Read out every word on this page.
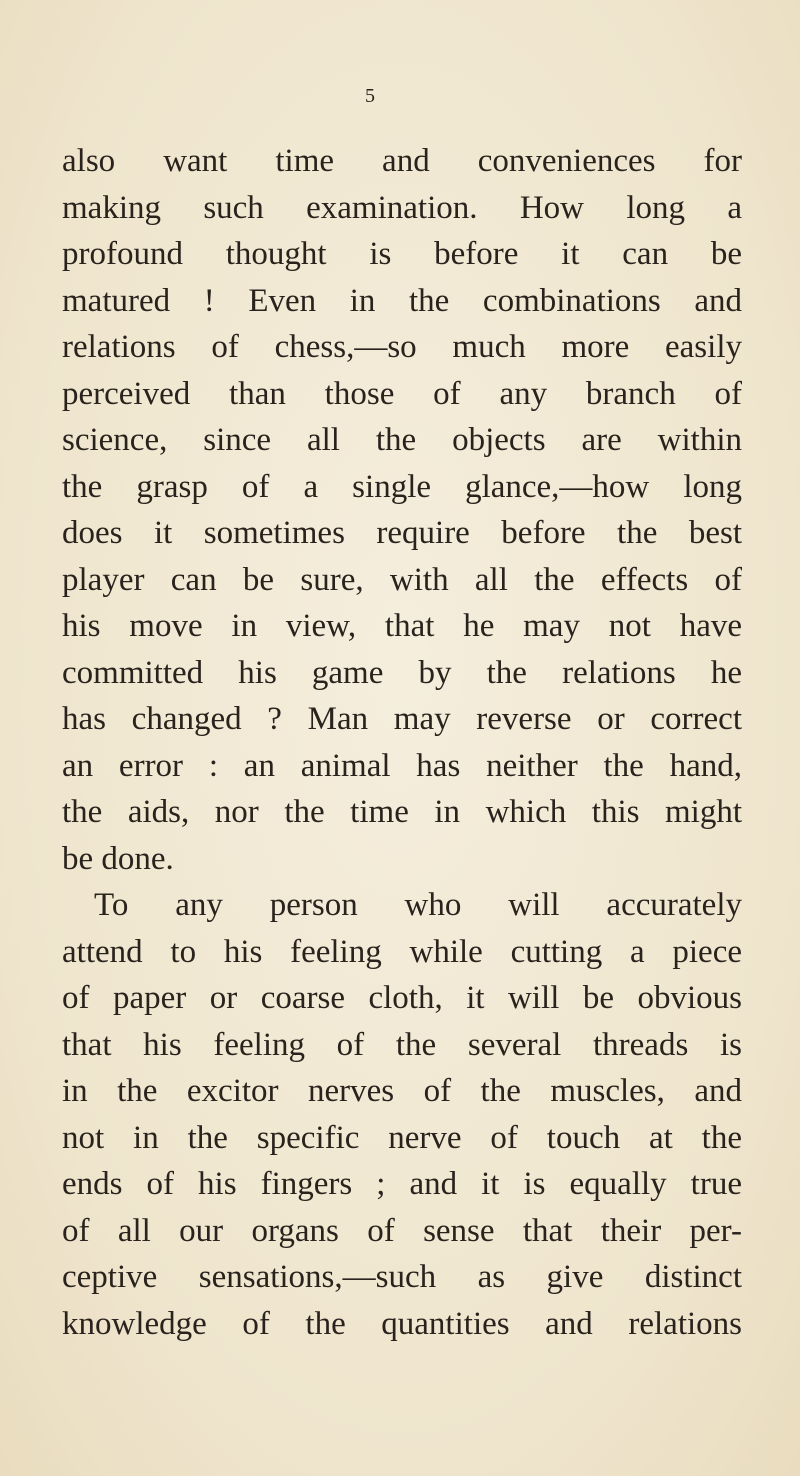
5
also want time and conveniences for
making such examination. How long a
profound thought is before it can be
matured ! Even in the combinations and
relations of chess,—so much more easily
perceived than those of any branch of
science, since all the objects are within
the grasp of a single glance,—how long
does it sometimes require before the best
player can be sure, with all the effects of
his move in view, that he may not have
committed his game by the relations he
has changed ? Man may reverse or correct
an error : an animal has neither the hand,
the aids, nor the time in which this might
be done.
To any person who will accurately
attend to his feeling while cutting a piece
of paper or coarse cloth, it will be obvious
that his feeling of the several threads is
in the excitor nerves of the muscles, and
not in the specific nerve of touch at the
ends of his fingers ; and it is equally true
of all our organs of sense that their per-
ceptive sensations,—such as give distinct
knowledge of the quantities and relations
